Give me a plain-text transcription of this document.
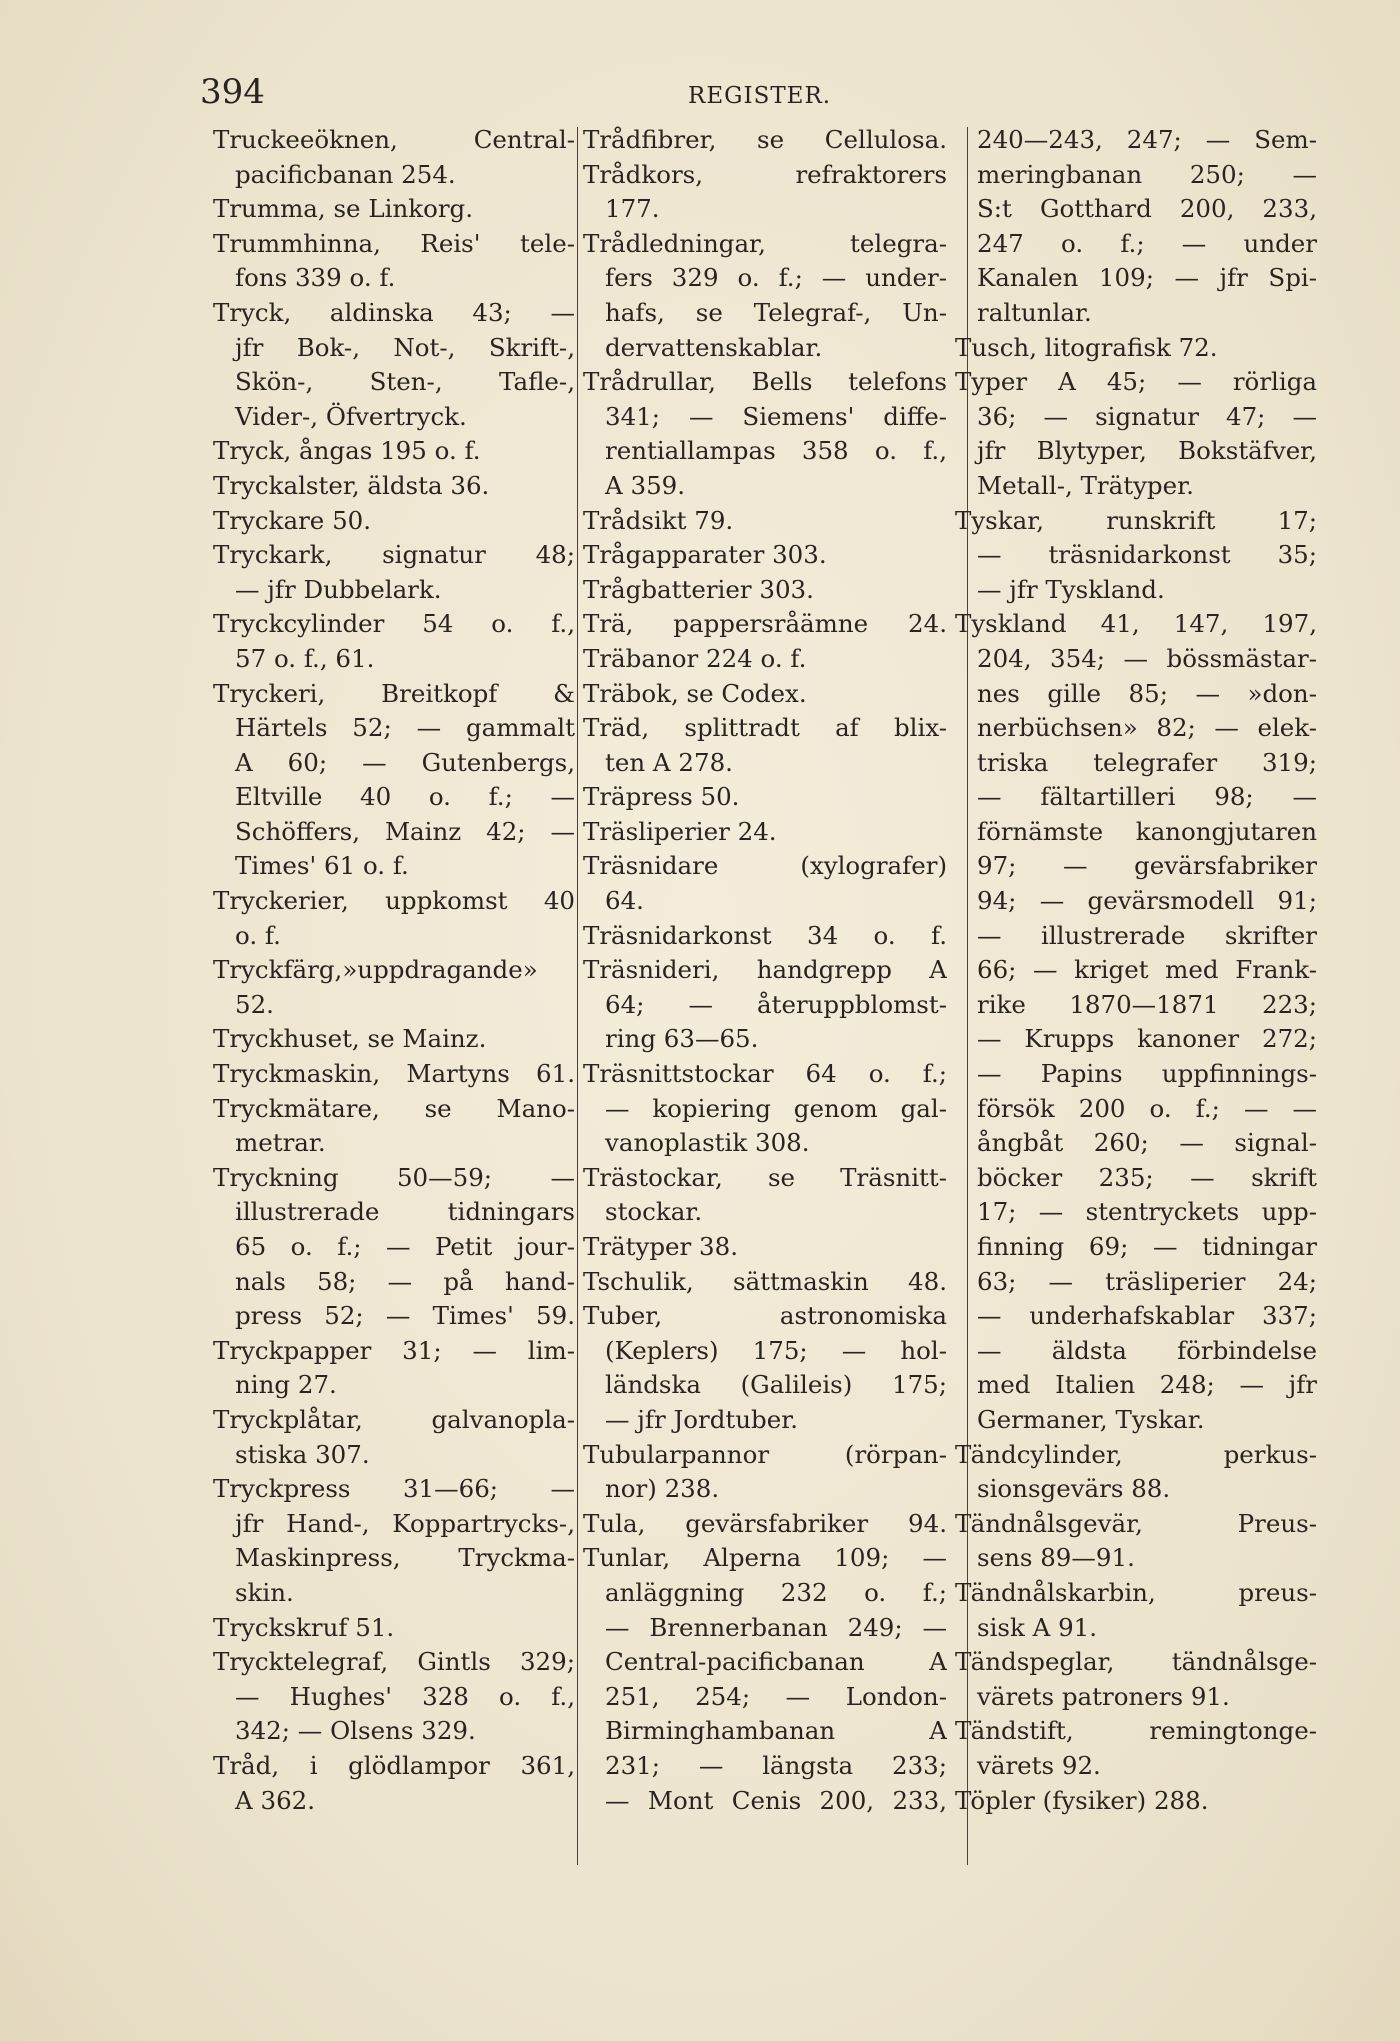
394	REGISTER.
Truckeeöknen, Central-
pacificbanan 254.
Trumma, se Linkorg.
Trummhinna, Reis' tele-
fons 339 o. f.
Tryck, aldinska 43; —
jfr Bok-, Not-, Skrift-,
Skön-, Sten-, Tafle-,
Vider-, Öfvertryck.
Tryck, ångas 195 o. f.
Tryckalster, äldsta 36.
Tryckare 50.
Tryckark, signatur 48;
— jfr Dubbelark.
Tryckcylinder 54 o. f.,
57 o. f., 61.
Tryckeri, Breitkopf &
Härtels 52; — gammalt
A 60; — Gutenbergs,
Eltville 40 o. f.; —
Schöffers, Mainz 42; —
Times' 61 o. f.
Tryckerier, uppkomst 40
o. f.
Tryckfärg,»uppdragande»
52.
Tryckhuset, se Mainz.
Tryckmaskin, Martyns 61.
Tryckmätare, se Mano-
metrar.
Tryckning 50—59; —
illustrerade tidningars
65 o. f.; — Petit jour-
nals 58; — på hand-
press 52; — Times' 59.
Tryckpapper 31; — lim-
ning 27.
Tryckplåtar, galvanopla-
stiska 307.
Tryckpress 31—66; —
jfr Hand-, Koppartrycks-,
Maskinpress, Tryckma-
skin.
Tryckskruf 51.
Trycktelegraf, Gintls 329;
— Hughes' 328 o. f.,
342; — Olsens 329.
Tråd, i glödlampor 361,
A 362.
Trådfibrer, se Cellulosa.
Trådkors, refraktorers
177.
Trådledningar, telegra-
fers 329 o. f.; — under-
hafs, se Telegraf-, Un-
dervattenskablar.
Trådrullar, Bells telefons
341; — Siemens' diffe-
rentiallampas 358 o. f.,
A 359.
Trådsikt 79.
Trågapparater 303.
Trågbatterier 303.
Trä, pappersråämne 24.
Träbanor 224 o. f.
Träbok, se Codex.
Träd, splittradt af blix-
ten A 278.
Träpress 50.
Träsliperier 24.
Träsnidare (xylografer)
64.
Träsnidarkonst 34 o. f.
Träsnideri, handgrepp A
64; — återuppblomst-
ring 63—65.
Träsnittstockar 64 o. f.;
— kopiering genom gal-
vanoplastik 308.
Trästockar, se Träsnitt-
stockar.
Trätyper 38.
Tschulik, sättmaskin 48.
Tuber, astronomiska
(Keplers) 175; — hol-
ländska (Galileis) 175;
— jfr Jordtuber.
Tubularpannor (rörpan-
nor) 238.
Tula, gevärsfabriker 94.
Tunlar, Alperna 109; —
anläggning 232 o. f.;
— Brennerbanan 249; —
Central-pacificbanan A
251, 254; — London-
Birminghambanan A
231; — längsta 233;
— Mont Cenis 200, 233,
240—243, 247; — Sem-
meringbanan 250; —
S:t Gotthard 200, 233,
247 o. f.; — under
Kanalen 109; — jfr Spi-
raltunlar.
Tusch, litografisk 72.
Typer A 45; — rörliga
36; — signatur 47; —
jfr Blytyper, Bokstäfver,
Metall-, Trätyper.
Tyskar, runskrift 17;
— träsnidarkonst 35;
— jfr Tyskland.
Tyskland 41, 147, 197,
204, 354; — bössmästar-
nes gille 85; — »don-
nerbüchsen» 82; — elek-
triska telegrafer 319;
— fältartilleri 98; —
förnämste kanongjutaren
97; — gevärsfabriker
94; — gevärsmodell 91;
— illustrerade skrifter
66; — kriget med Frank-
rike 1870—1871 223;
— Krupps kanoner 272;
— Papins uppfinnings-
försök 200 o. f.; — —
ångbåt 260; — signal-
böcker 235; — skrift
17; — stentryckets upp-
finning 69; — tidningar
63; — träsliperier 24;
— underhafskablar 337;
— äldsta förbindelse
med Italien 248; — jfr
Germaner, Tyskar.
Tändcylinder, perkus-
sionsgevärs 88.
Tändnålsgevär, Preus-
sens 89—91.
Tändnålskarbin, preus-
sisk A 91.
Tändspeglar, tändnålsge-
värets patroners 91.
Tändstift, remingtonge-
värets 92.
Töpler (fysiker) 288.
